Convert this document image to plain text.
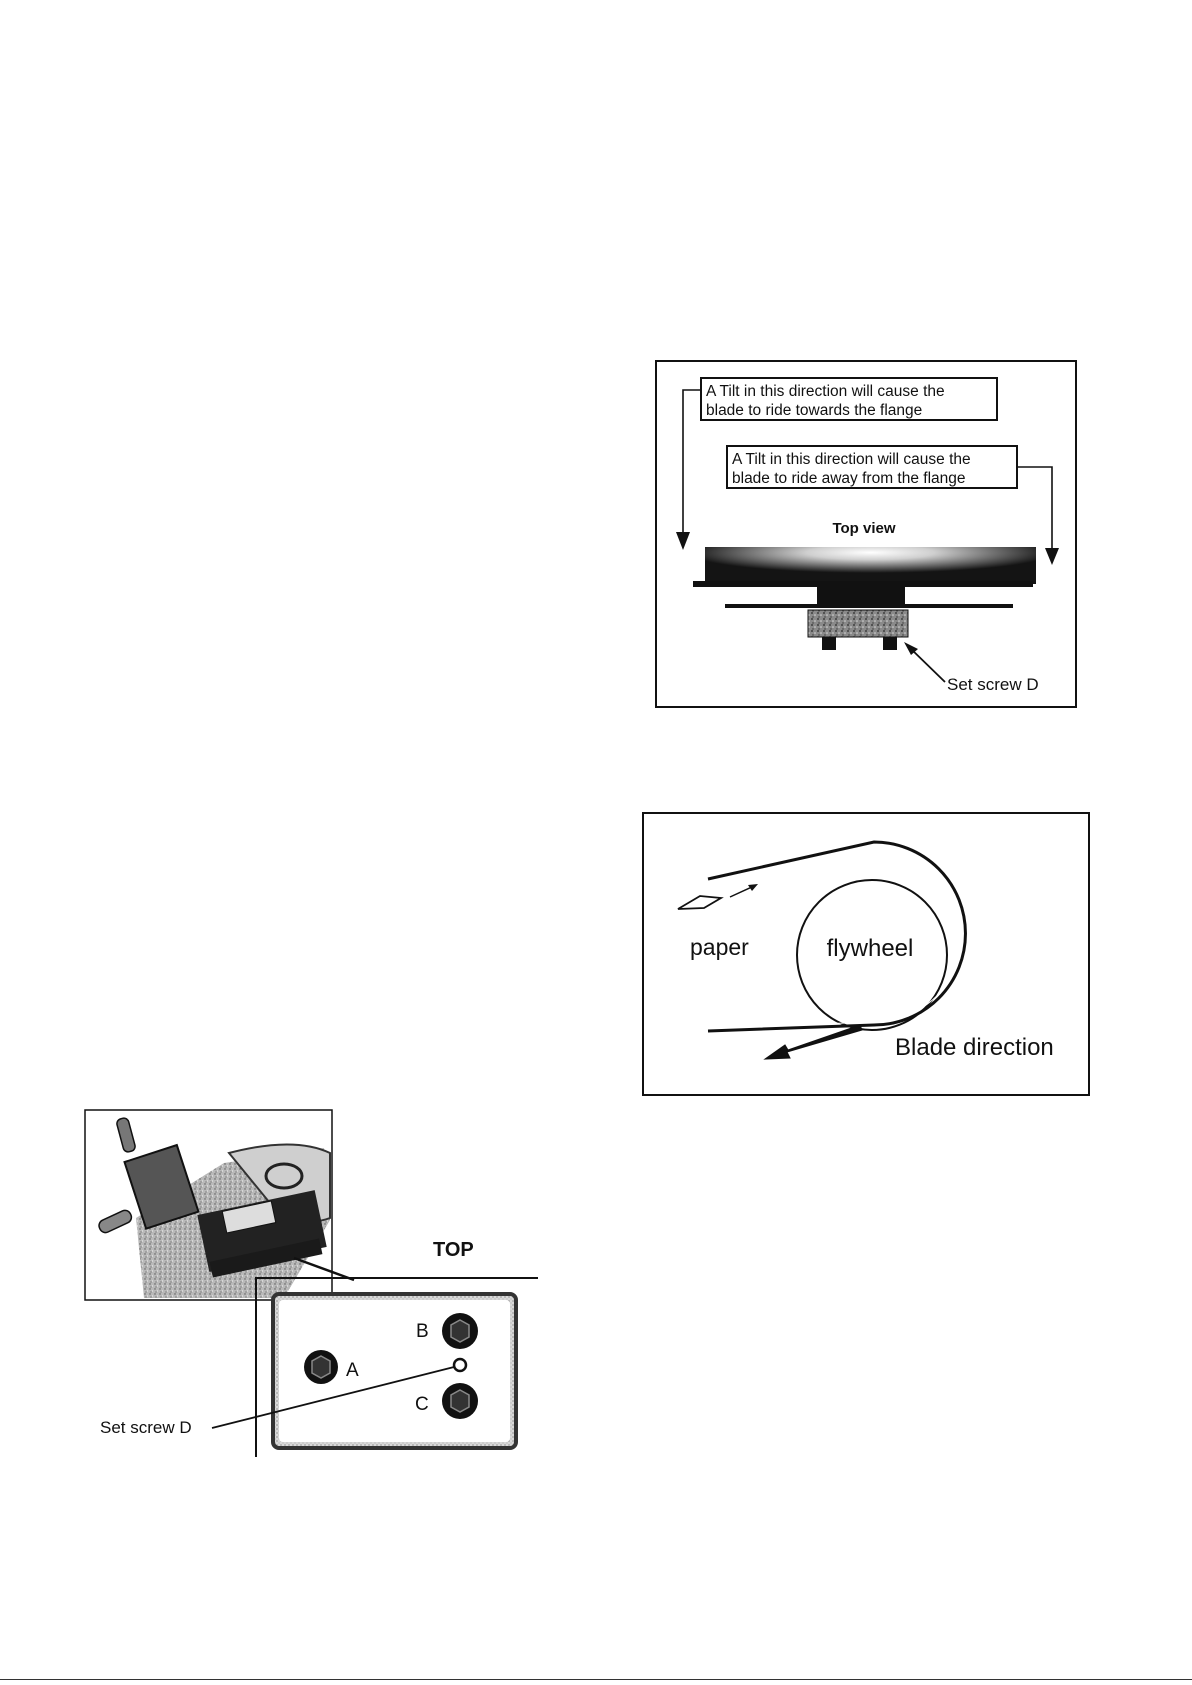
A Tilt in this direction will cause the
blade to ride towards the flange
A Tilt in this direction will cause the
blade to ride away from the flange
Top view
Set screw D
flywheel
paper
Blade direction
TOP
A
B
C
Set screw D
